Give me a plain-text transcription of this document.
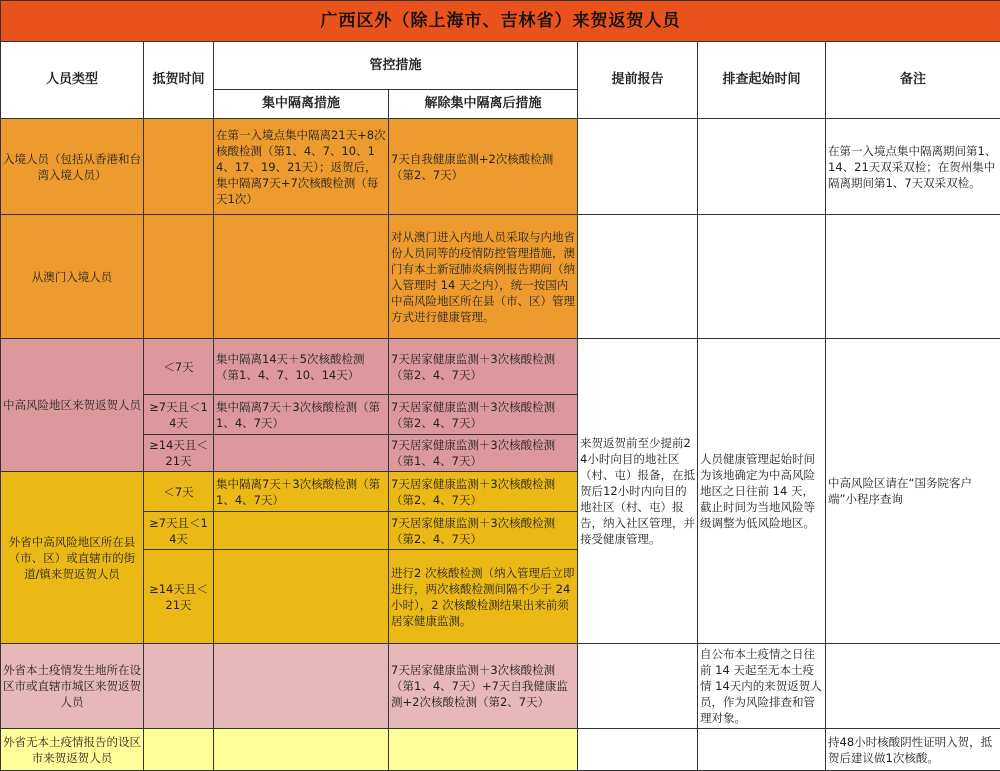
广西区外（除上海市、吉林省）来贺返贺人员						
人员类型	抵贺时间	管控措施		提前报告	排查起始时间	备注
		集中隔离措施	解除集中隔离后措施			
入境人员（包括从香港和台湾入境人员）		在第一入境点集中隔离21天+8次核酸检测（第1、4、7、10、14、17、19、21天）；返贺后，集中隔离7天+7次核酸检测（每天1次）	7天自我健康监测+2次核酸检测（第2、7天）			在第一入境点集中隔离期间第1、14、21天双采双检；在贺州集中隔离期间第1、7天双采双检。
从澳门入境人员			对从澳门进入内地人员采取与内地省份人员同等的疫情防控管理措施，澳门有本土新冠肺炎病例报告期间（纳入管理时 14 天之内），统一按国内中高风险地区所在县（市、区）管理方式进行健康管理。			
中高风险地区来贺返贺人员	＜7天	集中隔离14天＋5次核酸检测（第1、4、7、10、14天）	7天居家健康监测＋3次核酸检测（第2、4、7天）	来贺返贺前至少提前24小时向目的地社区（村、屯）报备，在抵贺后12小时内向目的地社区（村、屯）报告，纳入社区管理，并接受健康管理。	人员健康管理起始时间为该地确定为中高风险地区之日往前 14 天，截止时间为当地风险等级调整为低风险地区。	中高风险区请在“国务院客户端”小程序查询
	≥7天且＜14天	集中隔离7天＋3次核酸检测（第1、4、7天）	7天居家健康监测＋3次核酸检测（第2、4、7天）			
	≥14天且＜21天		7天居家健康监测＋3次核酸检测（第1、4、7天）			
外省中高风险地区所在县（市、区）或直辖市的街道/镇来贺返贺人员	＜7天	集中隔离7天＋3次核酸检测（第1、4、7天）	7天居家健康监测＋3次核酸检测（第2、4、7天）			
	≥7天且＜14天		7天居家健康监测＋3次核酸检测（第2、4、7天）			
	≥14天且＜21天		进行2 次核酸检测（纳入管理后立即进行，两次核酸检测间隔不少于 24 小时），2 次核酸检测结果出来前须居家健康监测。			
外省本土疫情发生地所在设区市或直辖市城区来贺返贺人员			7天居家健康监测＋3次核酸检测（第1、4、7天）+7天自我健康监测+2次核酸检测（第2、7天）		自公布本土疫情之日往前 14 天起至无本土疫情 14天内的来贺返贺人员，作为风险排查和管理对象。	
外省无本土疫情报告的设区市来贺返贺人员						持48小时核酸阴性证明入贺，抵贺后建议做1次核酸。
